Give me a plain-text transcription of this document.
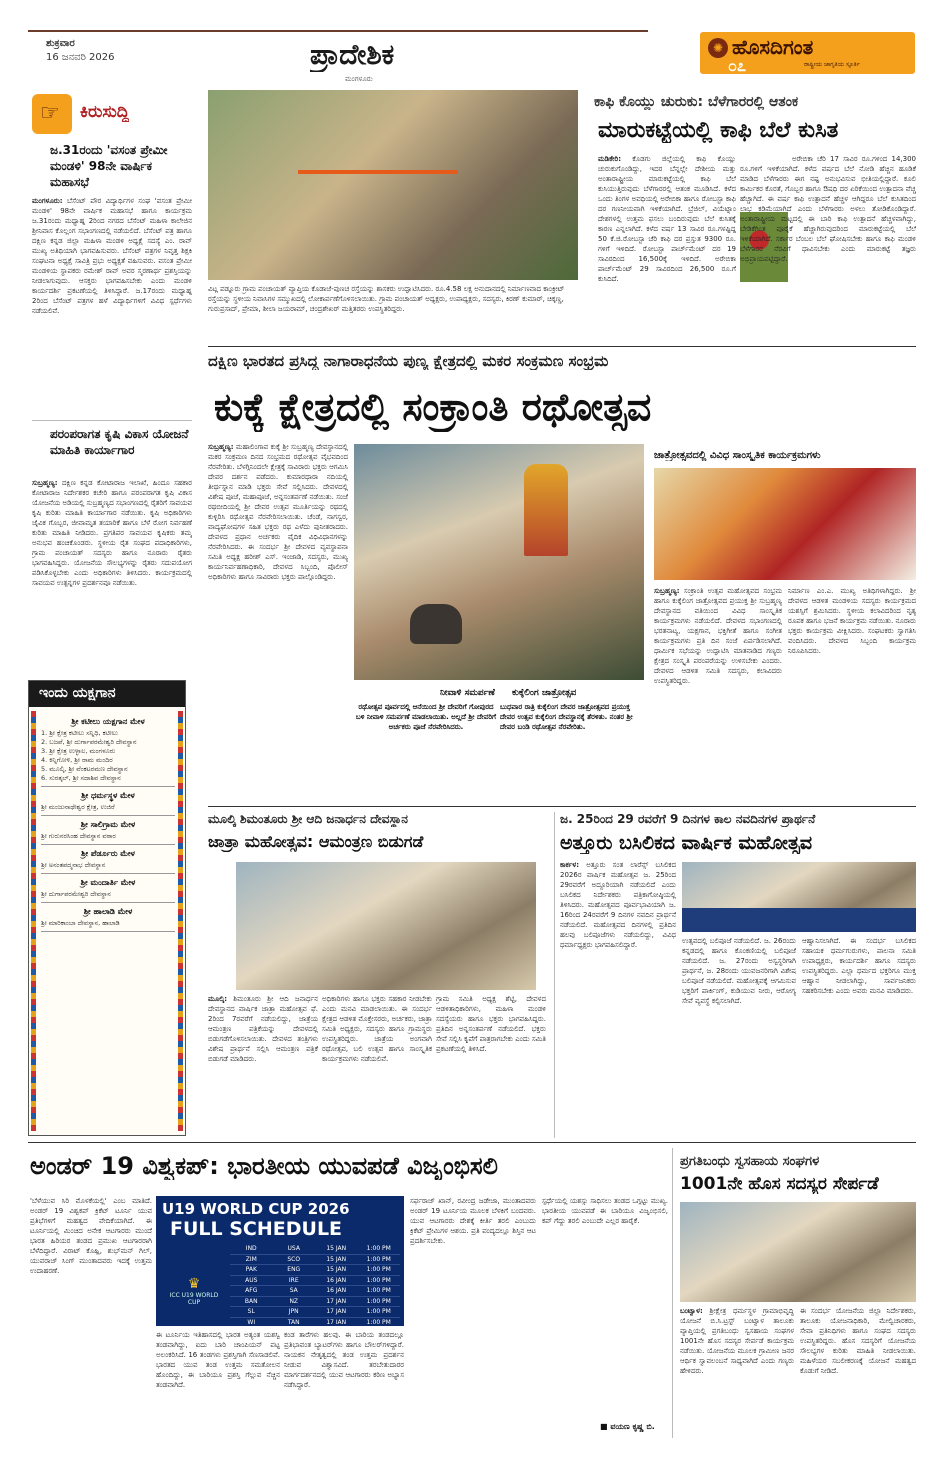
ಶುಕ್ರವಾರ
16 ಜನವರಿ 2026	ಪ್ರಾದೇಶಿಕ
ಮಂಗಳೂರು
✺ ಹೊಸದಿಗಂತ
ರಾಷ್ಟ್ರೀಯ ಜಾಗೃತಿಯ ಸ್ಪೂರ್ತಿ
೦೭
☞ ಕಿರುಸುದ್ದಿ
ಜ.31ರಂದು 'ವಸಂತ ಪ್ರೇಮೀ ಮಂಡಳಿ' 98ನೇ ವಾರ್ಷಿಕ ಮಹಾಸಭೆ
ಮಂಗಳೂರು: ಬೆಸೆಂಟ್ ಪೌರ ವಿದ್ಯಾರ್ಥಿಗಳ ಸಂಘ 'ವಸಂತ ಪ್ರೇಮೀ ಮಂಡಳಿ' 98ನೇ ವಾರ್ಷಿಕ ಮಹಾಸಭೆ ಹಾಗೂ ಕಾರ್ಯಕ್ರಮ ಜ.31ರಂದು ಮಧ್ಯಾಹ್ನ 2ರಿಂದ ನಗರದ ಬೆಸೆಂಟ್ ಮಹಿಳಾ ಕಾಲೇಜಿನ ಶ್ರೀನಿವಾಸ ಕೊಲ್ಲಂಗ ಸಭಾಂಗಣದಲ್ಲಿ ನಡೆಯಲಿದೆ. ಬೆಸೆಂಟ್ ಪತ್ರ ಹಾಗೂ ದಕ್ಷಿಣ ಕನ್ನಡ ಜಿಲ್ಲಾ ಮಹಿಳಾ ಮಂಡಳಿ ಅಧ್ಯಕ್ಷೆ ಸದಸ್ಯೆ ಎಂ. ರಾವ್ ಮುಖ್ಯ ಅತಿಥಿಯಾಗಿ ಭಾಗವಹಿಸುವರು. ಬೆಸೆಂಟ್ ಪತ್ರಗಳ ನಿವೃತ್ತ ಶಿಕ್ಷಕಿ ಸಂಘಟನಾ ಅಧ್ಯಕ್ಷೆ ಸಾವಿತ್ರಿ ಪ್ರಭು ಅಧ್ಯಕ್ಷತೆ ವಹಿಸುವರು. ವಸಂತ ಪ್ರೇಮೀ ಮಂಡಳಿಯ ಸ್ಥಾಪಕರು ರಮೇಶ್ ರಾವ್ ಅವರ ಸ್ಮರಣಾರ್ಥ ಪ್ರಶಸ್ತಿಯನ್ನು ನೀಡಲಾಗುವುದು. ಆಸಕ್ತರು ಭಾಗವಹಿಸಬೇಕು ಎಂದು ಮಂಡಳಿ ಕಾರ್ಯದರ್ಶಿ ಪ್ರಕಟಣೆಯಲ್ಲಿ ತಿಳಿಸಿದ್ದಾರೆ. ಜ.17ರಂದು ಮಧ್ಯಾಹ್ನ 2ರಿಂದ ಬೆಸೆಂಟ್ ಪತ್ರಗಳ ಹಳೆ ವಿದ್ಯಾರ್ಥಿಗಳಿಗೆ ವಿವಿಧ ಸ್ಪರ್ಧೆಗಳು ನಡೆಯಲಿವೆ.
ಪರಂಪರಾಗತ ಕೃಷಿ ವಿಕಾಸ ಯೋಜನೆ ಮಾಹಿತಿ ಕಾರ್ಯಾಗಾರ
ಸುಬ್ರಹ್ಮಣ್ಯ: ದಕ್ಷಿಣ ಕನ್ನಡ ಕೋಟಾರಾಜ ಇಲಾಖೆ, ಹಿಂದೂ ಸಹಕಾರ ಕೋಟಾರಾಜ ನಿರ್ದೇಶಕರ ಕಚೇರಿ ಹಾಗೂ ಪರಂಪರಾಗತ ಕೃಷಿ ವಿಕಾಸ ಯೋಜನೆಯ ಅಡಿಯಲ್ಲಿ ಸುಬ್ರಹ್ಮಣ್ಯದ ಸಭಾಂಗಣದಲ್ಲಿ ರೈತರಿಗೆ ಸಾವಯವ ಕೃಷಿ ಕುರಿತು ಮಾಹಿತಿ ಕಾರ್ಯಾಗಾರ ನಡೆಯಿತು. ಕೃಷಿ ಅಧಿಕಾರಿಗಳು ಜೈವಿಕ ಗೊಬ್ಬರ, ಜೀವಾಮೃತ ತಯಾರಿಕೆ ಹಾಗೂ ಬೆಳೆ ರೋಗ ನಿರ್ವಹಣೆ ಕುರಿತು ಮಾಹಿತಿ ನೀಡಿದರು. ಪ್ರಗತಿಪರ ಸಾವಯವ ಕೃಷಿಕರು ತಮ್ಮ ಅನುಭವ ಹಂಚಿಕೊಂಡರು. ಸ್ಥಳೀಯ ರೈತ ಸಂಘದ ಪದಾಧಿಕಾರಿಗಳು, ಗ್ರಾಮ ಪಂಚಾಯತ್ ಸದಸ್ಯರು ಹಾಗೂ ನೂರಾರು ರೈತರು ಭಾಗವಹಿಸಿದ್ದರು. ಯೋಜನೆಯ ಸೌಲಭ್ಯಗಳನ್ನು ರೈತರು ಸದುಪಯೋಗ ಪಡಿಸಿಕೊಳ್ಳಬೇಕು ಎಂದು ಅಧಿಕಾರಿಗಳು ತಿಳಿಸಿದರು. ಕಾರ್ಯಕ್ರಮದಲ್ಲಿ ಸಾವಯವ ಉತ್ಪನ್ನಗಳ ಪ್ರದರ್ಶನವೂ ನಡೆಯಿತು.
ಇಂದು ಯಕ್ಷಗಾನ
ಶ್ರೀ ಕಟೀಲು ಯಕ್ಷಗಾನ ಮೇಳ
1. ಶ್ರೀ ಕ್ಷೇತ್ರ ಕಟೀಲು ಸನ್ನಿಧಿ, ಕಟೀಲು
2. ಬಜಪೆ, ಶ್ರೀ ದುರ್ಗಾಪರಮೇಶ್ವರಿ ದೇವಸ್ಥಾನ
3. ಶ್ರೀ ಕ್ಷೇತ್ರ ಉಳ್ಳಾಲ, ಮಂಗಳೂರು
4. ಕಿನ್ನಿಗೋಳಿ, ಶ್ರೀ ರಾಮ ಮಂದಿರ
5. ಮೂಲ್ಕಿ, ಶ್ರೀ ವೆಂಕಟರಮಣ ದೇವಸ್ಥಾನ
6. ಸುರತ್ಕಲ್, ಶ್ರೀ ಸದಾಶಿವ ದೇವಸ್ಥಾನ
ಶ್ರೀ ಧರ್ಮಸ್ಥಳ ಮೇಳ
ಶ್ರೀ ಮಂಜುನಾಥೇಶ್ವರ ಕ್ಷೇತ್ರ, ಉಜಿರೆ
ಶ್ರೀ ಸಾಲಿಗ್ರಾಮ ಮೇಳ
ಶ್ರೀ ಗುರುನರಸಿಂಹ ದೇವಸ್ಥಾನ ವಠಾರ
ಶ್ರೀ ಪೆರ್ಡೂರು ಮೇಳ
ಶ್ರೀ ಅನಂತಪದ್ಮನಾಭ ದೇವಸ್ಥಾನ
ಶ್ರೀ ಮಂದಾರ್ತಿ ಮೇಳ
ಶ್ರೀ ದುರ್ಗಾಪರಮೇಶ್ವರಿ ದೇವಸ್ಥಾನ
ಶ್ರೀ ಹಾಲಾಡಿ ಮೇಳ
ಶ್ರೀ ಮಾರಿಕಾಂಬಾ ದೇವಸ್ಥಾನ, ಹಾಲಾಡಿ
ವಿಟ್ಲ ಪಡ್ನೂರು ಗ್ರಾಮ ಪಂಚಾಯತ್ ವ್ಯಾಪ್ತಿಯ ಕೊಡಾಜೆ-ಪುಣಚ ರಸ್ತೆಯನ್ನು ಶಾಸಕರು ಉದ್ಘಾಟಿಸಿದರು. ರೂ.4.58 ಲಕ್ಷ ಅನುದಾನದಲ್ಲಿ ನಿರ್ಮಾಣವಾದ ಕಾಂಕ್ರೀಟ್ ರಸ್ತೆಯನ್ನು ಸ್ಥಳೀಯ ನಿವಾಸಿಗಳ ಸಮ್ಮುಖದಲ್ಲಿ ಲೋಕಾರ್ಪಣೆಗೊಳಿಸಲಾಯಿತು. ಗ್ರಾಮ ಪಂಚಾಯತ್ ಅಧ್ಯಕ್ಷರು, ಉಪಾಧ್ಯಕ್ಷರು, ಸದಸ್ಯರು, ಕಿರಣ್ ಕುಮಾರ್, ಚಿಕ್ಕಣ್ಣ, ಗುರುಪ್ರಸಾದ್, ಪ್ರೇಮಾ, ಶೀಲಾ ಜಯರಾಮ್, ಚಂದ್ರಶೇಖರ್ ಮತ್ತಿತರರು ಉಪಸ್ಥಿತರಿದ್ದರು.
ಕಾಫಿ ಕೊಯ್ಲು ಚುರುಕು: ಬೆಳೆಗಾರರಲ್ಲಿ ಆತಂಕ
ಮಾರುಕಟ್ಟೆಯಲ್ಲಿ ಕಾಫಿ ಬೆಲೆ ಕುಸಿತ
ಮಡಿಕೇರಿ: ಕೊಡಗು ಜಿಲ್ಲೆಯಲ್ಲಿ ಕಾಫಿ ಕೊಯ್ಲು ಚುರುಕುಗೊಂಡಿದ್ದು, ಇದರ ಬೆನ್ನಲ್ಲೇ ದೇಶೀಯ ಮತ್ತು ಅಂತಾರಾಷ್ಟ್ರೀಯ ಮಾರುಕಟ್ಟೆಯಲ್ಲಿ ಕಾಫಿ ಬೆಲೆ ಕುಸಿಯುತ್ತಿರುವುದು ಬೆಳೆಗಾರರಲ್ಲಿ ಆತಂಕ ಮೂಡಿಸಿದೆ. ಕಳೆದ ಒಂದು ತಿಂಗಳ ಅವಧಿಯಲ್ಲಿ ಅರೇಬಿಕಾ ಹಾಗೂ ರೋಬಸ್ಟಾ ಕಾಫಿ ದರ ಗಣನೀಯವಾಗಿ ಇಳಿಕೆಯಾಗಿದೆ. ಬ್ರೆಜಿಲ್, ವಿಯೆಟ್ನಾಂ ದೇಶಗಳಲ್ಲಿ ಉತ್ತಮ ಫಸಲು ಬಂದಿರುವುದು ಬೆಲೆ ಕುಸಿತಕ್ಕೆ ಕಾರಣ ಎನ್ನಲಾಗಿದೆ. ಕಳೆದ ವರ್ಷ 13 ಸಾವಿರ ರೂ.ಗಳಷ್ಟಿದ್ದ 50 ಕೆ.ಜಿ.ರೋಬಸ್ಟಾ ಚೆರಿ ಕಾಫಿ ದರ ಪ್ರಸ್ತುತ 9300 ರೂ. ಗಳಿಗೆ ಇಳಿದಿದೆ. ರೋಬಸ್ಟಾ ಪಾರ್ಚ್‌ಮೆಂಟ್ ದರ 19 ಸಾವಿರದಿಂದ 16,500ಕ್ಕೆ ಇಳಿದಿದೆ. ಅರೇಬಿಕಾ ಪಾರ್ಚ್‌ಮೆಂಟ್ 29 ಸಾವಿರದಿಂದ 26,500 ರೂ.ಗೆ ಕುಸಿದಿದೆ.
ಅರೇಬಿಕಾ ಚೆರಿ 17 ಸಾವಿರ ರೂ.ಗಳಿಂದ 14,300 ರೂ.ಗಳಿಗೆ ಇಳಿಕೆಯಾಗಿದೆ. ಕಳೆದ ವರ್ಷದ ಬೆಲೆ ನೋಡಿ ಹೆಚ್ಚಿನ ಹೂಡಿಕೆ ಮಾಡಿದ ಬೆಳೆಗಾರರು ಈಗ ನಷ್ಟ ಅನುಭವಿಸುವ ಭೀತಿಯಲ್ಲಿದ್ದಾರೆ. ಕೂಲಿ ಕಾರ್ಮಿಕರ ಕೊರತೆ, ಗೊಬ್ಬರ ಹಾಗೂ ಔಷಧಿ ದರ ಏರಿಕೆಯಿಂದ ಉತ್ಪಾದನಾ ವೆಚ್ಚ ಹೆಚ್ಚಾಗಿದೆ. ಈ ವರ್ಷ ಕಾಫಿ ಉತ್ಪಾದನೆ ಹೆಚ್ಚಳ ಆಗಿದ್ದರೂ ಬೆಲೆ ಕುಸಿತದಿಂದ ಲಾಭ ಕಡಿಮೆಯಾಗಿದೆ ಎಂದು ಬೆಳೆಗಾರರು ಅಳಲು ತೋಡಿಕೊಂಡಿದ್ದಾರೆ. ಅಂತಾರಾಷ್ಟ್ರೀಯ ಮಟ್ಟದಲ್ಲಿ ಈ ಬಾರಿ ಕಾಫಿ ಉತ್ಪಾದನೆ ಹೆಚ್ಚಳವಾಗಿದ್ದು, ಬೇಡಿಕೆಗಿಂತ ಪೂರೈಕೆ ಹೆಚ್ಚಾಗಿರುವುದರಿಂದ ಮಾರುಕಟ್ಟೆಯಲ್ಲಿ ಬೆಲೆ ಇಳಿಕೆಯಾಗಿದೆ. ಸರ್ಕಾರ ಬೆಂಬಲ ಬೆಲೆ ಘೋಷಿಸಬೇಕು ಹಾಗೂ ಕಾಫಿ ಮಂಡಳಿ ಬೆಳೆಗಾರರ ನೆರವಿಗೆ ಧಾವಿಸಬೇಕು ಎಂದು ಮಾರುಕಟ್ಟೆ ತಜ್ಞರು ಅಭಿಪ್ರಾಯಪಟ್ಟಿದ್ದಾರೆ.
ದಕ್ಷಿಣ ಭಾರತದ ಪ್ರಸಿದ್ಧ ನಾಗಾರಾಧನೆಯ ಪುಣ್ಯ ಕ್ಷೇತ್ರದಲ್ಲಿ ಮಕರ ಸಂಕ್ರಮಣ ಸಂಭ್ರಮ
ಕುಕ್ಕೆ ಕ್ಷೇತ್ರದಲ್ಲಿ ಸಂಕ್ರಾಂತಿ ರಥೋತ್ಸವ
ಸುಬ್ರಹ್ಮಣ್ಯ: ಮಹಾಲಿಂಗಾವ ಕುಕ್ಕೆ ಶ್ರೀ ಸುಬ್ರಹ್ಮಣ್ಯ ದೇವಸ್ಥಾನದಲ್ಲಿ ಮಕರ ಸಂಕ್ರಮಣ ದಿನದ ಸಂಭ್ರಮದ ರಥೋತ್ಸವ ವೈಭವದಿಂದ ನೆರವೇರಿತು. ಬೆಳಗ್ಗಿನಿಂದಲೇ ಕ್ಷೇತ್ರಕ್ಕೆ ಸಾವಿರಾರು ಭಕ್ತರು ಆಗಮಿಸಿ ದೇವರ ದರ್ಶನ ಪಡೆದರು. ಕುಮಾರಧಾರಾ ನದಿಯಲ್ಲಿ ತೀರ್ಥಸ್ನಾನ ಮಾಡಿ ಭಕ್ತರು ಸೇವೆ ಸಲ್ಲಿಸಿದರು. ದೇವಳದಲ್ಲಿ ವಿಶೇಷ ಪೂಜೆ, ಮಹಾಪೂಜೆ, ಅನ್ನಸಂತರ್ಪಣೆ ನಡೆಯಿತು. ಸಂಜೆ ರಥಬೀದಿಯಲ್ಲಿ ಶ್ರೀ ದೇವರ ಉತ್ಸವ ಮೂರ್ತಿಯನ್ನು ರಥದಲ್ಲಿ ಕುಳ್ಳಿರಿಸಿ ರಥೋತ್ಸವ ನೆರವೇರಿಸಲಾಯಿತು. ಚೆಂಡೆ, ನಾಗಸ್ವರ, ವಾದ್ಯಘೋಷಗಳ ಸಹಿತ ಭಕ್ತರು ರಥ ಎಳೆದು ಪುನೀತರಾದರು. ದೇವಳದ ಪ್ರಧಾನ ಅರ್ಚಕರು ವೈದಿಕ ವಿಧಿವಿಧಾನಗಳನ್ನು ನೆರವೇರಿಸಿದರು. ಈ ಸಂದರ್ಭ ಶ್ರೀ ದೇವಳದ ವ್ಯವಸ್ಥಾಪನಾ ಸಮಿತಿ ಅಧ್ಯಕ್ಷ ಹರೀಶ್ ಎಸ್. ಇಂಜಾಡಿ, ಸದಸ್ಯರು, ಮುಖ್ಯ ಕಾರ್ಯನಿರ್ವಹಣಾಧಿಕಾರಿ, ದೇವಳದ ಸಿಬ್ಬಂದಿ, ಪೊಲೀಸ್ ಅಧಿಕಾರಿಗಳು ಹಾಗೂ ಸಾವಿರಾರು ಭಕ್ತರು ಪಾಲ್ಗೊಂಡಿದ್ದರು.
ನೀವಾಳಿ ಸಮರ್ಪಣೆ
ರಥೋತ್ಸವ ಪೂರ್ವದಲ್ಲಿ ಆನೆಯಿಂದ ಶ್ರೀ ದೇವರಿಗೆ ಗೋಪುರದ ಬಳಿ ನೀವಾಳಿ ಸಮರ್ಪಣೆ ಮಾಡಲಾಯಿತು. ಅಲ್ಲದೆ ಶ್ರೀ ದೇವರಿಗೆ ಅರ್ಚಕರು ಪೂಜೆ ನೆರವೇರಿಸಿದರು.
ಕುಕ್ಕೆಲಿಂಗ ಜಾತ್ರೋತ್ಸವ
ಬುಧವಾರ ರಾತ್ರಿ ಕುಕ್ಕೆಲಿಂಗ ದೇವರ ಜಾತ್ರೋತ್ಸವದ ಪ್ರಯುಕ್ತ ದೇವರ ಉತ್ಸವ ಕುಕ್ಕೆಲಿಂಗ ದೇವಸ್ಥಾನಕ್ಕೆ ತೆರಳಿತು. ನಂತರ ಶ್ರೀ ದೇವರ ಬಂಡಿ ರಥೋತ್ಸವ ನೆರವೇರಿತು.
ಜಾತ್ರೋತ್ಸವದಲ್ಲಿ ವಿವಿಧ ಸಾಂಸ್ಕೃತಿಕ ಕಾರ್ಯಕ್ರಮಗಳು
ಸುಬ್ರಹ್ಮಣ್ಯ: ಸಂಕ್ರಾಂತಿ ಉತ್ಸವ ಮಹೋತ್ಸವದ ಸಂಭ್ರಮ ಹಾಗೂ ಕುಕ್ಕೆಲಿಂಗ ಜಾತ್ರೋತ್ಸವದ ಪ್ರಯುಕ್ತ ಶ್ರೀ ಸುಬ್ರಹ್ಮಣ್ಯ ದೇವಸ್ಥಾನದ ವತಿಯಿಂದ ವಿವಿಧ ಸಾಂಸ್ಕೃತಿಕ ಕಾರ್ಯಕ್ರಮಗಳು ನಡೆಯಲಿದೆ. ದೇವಳದ ಸಭಾಂಗಣದಲ್ಲಿ ಭರತನಾಟ್ಯ, ಯಕ್ಷಗಾನ, ಭಕ್ತಿಗೀತೆ ಹಾಗೂ ಸಂಗೀತ ಕಾರ್ಯಕ್ರಮಗಳು ಪ್ರತಿ ದಿನ ಸಂಜೆ ಏರ್ಪಡಿಸಲಾಗಿದೆ. ಧಾರ್ಮಿಕ ಸಭೆಯನ್ನು ಉದ್ಘಾಟಿಸಿ ಮಾತನಾಡಿದ ಗಣ್ಯರು ಕ್ಷೇತ್ರದ ಸಂಸ್ಕೃತಿ ಪರಂಪರೆಯನ್ನು ಉಳಿಸಬೇಕು ಎಂದರು. ದೇವಳದ ಆಡಳಿತ ಸಮಿತಿ ಸದಸ್ಯರು, ಕಲಾವಿದರು ಉಪಸ್ಥಿತರಿದ್ದರು.
ನಿರ್ಮಾಣ ಎಂ.ಎ. ಮುಖ್ಯ ಅತಿಥಿಗಳಾಗಿದ್ದರು. ಶ್ರೀ ದೇವಳದ ಆಡಳಿತ ಮಂಡಳಿಯ ಸದಸ್ಯರು ಕಾರ್ಯಕ್ರಮದ ಯಶಸ್ಸಿಗೆ ಶ್ರಮಿಸಿದರು. ಸ್ಥಳೀಯ ಕಲಾವಿದರಿಂದ ನೃತ್ಯ ರೂಪಕ ಹಾಗೂ ಭಜನೆ ಕಾರ್ಯಕ್ರಮ ನಡೆಯಿತು. ನೂರಾರು ಭಕ್ತರು ಕಾರ್ಯಕ್ರಮ ವೀಕ್ಷಿಸಿದರು. ಸಂಘಟಕರು ಸ್ವಾಗತಿಸಿ ವಂದಿಸಿದರು. ದೇವಳದ ಸಿಬ್ಬಂದಿ ಕಾರ್ಯಕ್ರಮ ನಿರೂಪಿಸಿದರು.
ಮೂಲ್ಕಿ ಶಿಮಂತೂರು ಶ್ರೀ ಆದಿ ಜನಾರ್ಧನ ದೇವಸ್ಥಾನ
ಜಾತ್ರಾ ಮಹೋತ್ಸವ: ಆಮಂತ್ರಣ ಬಿಡುಗಡೆ
ಮೂಲ್ಕಿ: ಶಿಮಂತೂರು ಶ್ರೀ ಆದಿ ಜನಾರ್ಧನ ದೇವಸ್ಥಾನದ ವಾರ್ಷಿಕ ಜಾತ್ರಾ ಮಹೋತ್ಸವ ಫೆ. 2ರಿಂದ 7ರವರೆಗೆ ನಡೆಯಲಿದ್ದು, ಜಾತ್ರೆಯ ಆಮಂತ್ರಣ ಪತ್ರಿಕೆಯನ್ನು ದೇವಳದಲ್ಲಿ ಬಿಡುಗಡೆಗೊಳಿಸಲಾಯಿತು. ದೇವಳದ ತಂತ್ರಿಗಳು ವಿಶೇಷ ಪ್ರಾರ್ಥನೆ ಸಲ್ಲಿಸಿ ಆಮಂತ್ರಣ ಪತ್ರಿಕೆ ಬಿಡುಗಡೆ ಮಾಡಿದರು.
ಅಧಿಕಾರಿಗಳು ಹಾಗೂ ಭಕ್ತರು ಸಹಕಾರ ನೀಡಬೇಕು ಎಂದು ಮನವಿ ಮಾಡಲಾಯಿತು. ಈ ಸಂದರ್ಭ ಕ್ಷೇತ್ರದ ಆಡಳಿತ ಮೊಕ್ತೇಸರರು, ಅರ್ಚಕರು, ಜಾತ್ರಾ ಸಮಿತಿ ಅಧ್ಯಕ್ಷರು, ಸದಸ್ಯರು ಹಾಗೂ ಗ್ರಾಮಸ್ಥರು ಉಪಸ್ಥಿತರಿದ್ದರು. ಜಾತ್ರೆಯ ಅಂಗವಾಗಿ ರಥೋತ್ಸವ, ಬಲಿ ಉತ್ಸವ ಹಾಗೂ ಸಾಂಸ್ಕೃತಿಕ ಕಾರ್ಯಕ್ರಮಗಳು ನಡೆಯಲಿವೆ.
ಗ್ರಾಮ ಸಮಿತಿ ಅಧ್ಯಕ್ಷ ಶೆಟ್ಟಿ, ದೇವಳದ ಆಡಳಿತಾಧಿಕಾರಿಗಳು, ಮಹಿಳಾ ಮಂಡಳಿ ಸದಸ್ಯೆಯರು ಹಾಗೂ ಭಕ್ತರು ಭಾಗವಹಿಸಿದ್ದರು. ಪ್ರತಿದಿನ ಅನ್ನಸಂತರ್ಪಣೆ ನಡೆಯಲಿದೆ. ಭಕ್ತರು ಸೇವೆ ಸಲ್ಲಿಸಿ ಕೃಪೆಗೆ ಪಾತ್ರರಾಗಬೇಕು ಎಂದು ಸಮಿತಿ ಪ್ರಕಟಣೆಯಲ್ಲಿ ತಿಳಿಸಿದೆ.
ಜ. 25ರಿಂದ 29 ರವರೆಗೆ 9 ದಿನಗಳ ಕಾಲ ನವದಿನಗಳ ಪ್ರಾರ್ಥನೆ
ಅತ್ತೂರು ಬಸಿಲಿಕದ ವಾರ್ಷಿಕ ಮಹೋತ್ಸವ
ಕಾರ್ಕಳ: ಅತ್ತೂರು ಸಂತ ಲಾರೆನ್ಸ್ ಬಸಿಲಿಕದ 2026ರ ವಾರ್ಷಿಕ ಮಹೋತ್ಸವ ಜ. 25ರಿಂದ 29ರವರೆಗೆ ಅದ್ದೂರಿಯಾಗಿ ನಡೆಯಲಿದೆ ಎಂದು ಬಸಿಲಿಕದ ನಿರ್ದೇಶಕರು ಪತ್ರಿಕಾಗೋಷ್ಠಿಯಲ್ಲಿ ತಿಳಿಸಿದರು. ಮಹೋತ್ಸವದ ಪೂರ್ವಭಾವಿಯಾಗಿ ಜ. 16ರಿಂದ 24ರವರೆಗೆ 9 ದಿನಗಳ ನವದಿನ ಪ್ರಾರ್ಥನೆ ನಡೆಯಲಿದೆ. ಮಹೋತ್ಸವದ ದಿನಗಳಲ್ಲಿ ಪ್ರತಿದಿನ ಹಲವು ಬಲಿಪೂಜೆಗಳು ನಡೆಯಲಿದ್ದು, ವಿವಿಧ ಧರ್ಮಾಧ್ಯಕ್ಷರು ಭಾಗವಹಿಸಲಿದ್ದಾರೆ.	ಉತ್ಸವದಲ್ಲಿ ಬಲಿಪೂಜೆ ನಡೆಯಲಿದೆ. ಜ. 26ರಂದು ಕನ್ನಡದಲ್ಲಿ ಹಾಗೂ ಕೊಂಕಣಿಯಲ್ಲಿ ಬಲಿಪೂಜೆ ನಡೆಯಲಿದೆ. ಜ. 27ರಂದು ಅಸ್ವಸ್ಥರಿಗಾಗಿ ಪ್ರಾರ್ಥನೆ, ಜ. 28ರಂದು ಯುವಜನರಿಗಾಗಿ ವಿಶೇಷ ಬಲಿಪೂಜೆ ನಡೆಯಲಿದೆ. ಮಹೋತ್ಸವಕ್ಕೆ ಆಗಮಿಸುವ ಭಕ್ತರಿಗೆ ಪಾರ್ಕಿಂಗ್, ಕುಡಿಯುವ ನೀರು, ಆರೋಗ್ಯ ಸೇವೆ ವ್ಯವಸ್ಥೆ ಕಲ್ಪಿಸಲಾಗಿದೆ.
ಆಹ್ವಾನಿಸಲಾಗಿದೆ. ಈ ಸಂದರ್ಭ ಬಸಿಲಿಕದ ಸಹಾಯಕ ಧರ್ಮಗುರುಗಳು, ಪಾಲನಾ ಸಮಿತಿ ಉಪಾಧ್ಯಕ್ಷರು, ಕಾರ್ಯದರ್ಶಿ ಹಾಗೂ ಸದಸ್ಯರು ಉಪಸ್ಥಿತರಿದ್ದರು. ಎಲ್ಲಾ ಧರ್ಮದ ಭಕ್ತರಿಗೂ ಮುಕ್ತ ಆಹ್ವಾನ ನೀಡಲಾಗಿದ್ದು, ಸಾರ್ವಜನಿಕರು ಸಹಕರಿಸಬೇಕು ಎಂದು ಅವರು ಮನವಿ ಮಾಡಿದರು.
ಅಂಡರ್ 19 ವಿಶ್ವಕಪ್: ಭಾರತೀಯ ಯುವಪಡೆ ವಿಜೃಂಭಿಸಲಿ
U19 WORLD CUP 2026
FULL SCHEDULE
♛
ICC U19 WORLD CUP
IND	USA	15 JAN	1:00 PM
ZIM	SCO	15 JAN	1:00 PM
PAK	ENG	15 JAN	1:00 PM
AUS	IRE	16 JAN	1:00 PM
AFG	SA	16 JAN	1:00 PM
BAN	NZ	17 JAN	1:00 PM
SL	JPN	17 JAN	1:00 PM
WI	TAN	17 JAN	1:00 PM
'ಬೆಳೆಯುವ ಸಿರಿ ಮೊಳಕೆಯಲ್ಲಿ' ಎಂಬ ಮಾತಿದೆ. ಅಂಡರ್ 19 ವಿಶ್ವಕಪ್ ಕ್ರಿಕೆಟ್ ಟೂರ್ನಿ ಯುವ ಪ್ರತಿಭೆಗಳಿಗೆ ಮಹತ್ವದ ವೇದಿಕೆಯಾಗಿದೆ. ಈ ಟೂರ್ನಿಯಲ್ಲಿ ಮಿಂಚಿದ ಅನೇಕ ಆಟಗಾರರು ಮುಂದೆ ಭಾರತ ಹಿರಿಯರ ತಂಡದ ಪ್ರಮುಖ ಆಟಗಾರರಾಗಿ ಬೆಳೆದಿದ್ದಾರೆ. ವಿರಾಟ್ ಕೊಹ್ಲಿ, ಶುಭ್‌ಮನ್ ಗಿಲ್, ಯುವರಾಜ್ ಸಿಂಗ್ ಮುಂತಾದವರು ಇದಕ್ಕೆ ಉತ್ತಮ ಉದಾಹರಣೆ.
ಈ ಟೂರ್ನಿಯ ಇತಿಹಾಸದಲ್ಲಿ ಭಾರತ ಅತ್ಯಂತ ಯಶಸ್ವಿ ತಂಡವಾಗಿದ್ದು, ಐದು ಬಾರಿ ಚಾಂಪಿಯನ್ ಪಟ್ಟ ಅಲಂಕರಿಸಿದೆ. 16 ತಂಡಗಳು ಪ್ರಶಸ್ತಿಗಾಗಿ ಸೆಣಸಾಡಲಿವೆ. ಭಾರತದ ಯುವ ತಂಡ ಉತ್ತಮ ಸಮತೋಲನ ಹೊಂದಿದ್ದು, ಈ ಬಾರಿಯೂ ಪ್ರಶಸ್ತಿ ಗೆಲ್ಲುವ ನೆಚ್ಚಿನ ತಂಡವಾಗಿದೆ.
ಕಂಡ ತಾರೆಗಳು ಹಲವು. ಈ ಬಾರಿಯ ತಂಡದಲ್ಲೂ ಪ್ರತಿಭಾವಂತ ಬ್ಯಾಟರ್‌ಗಳು ಹಾಗೂ ಬೌಲರ್‌ಗಳಿದ್ದಾರೆ. ನಾಯಕನ ನೇತೃತ್ವದಲ್ಲಿ ತಂಡ ಉತ್ತಮ ಪ್ರದರ್ಶನ ನೀಡುವ ವಿಶ್ವಾಸವಿದೆ. ತರಬೇತುದಾರರ ಮಾರ್ಗದರ್ಶನದಲ್ಲಿ ಯುವ ಆಟಗಾರರು ಕಠಿಣ ಅಭ್ಯಾಸ ನಡೆಸಿದ್ದಾರೆ.
ಸರ್ಫರಾಜ್ ಖಾನ್, ರವೀಂದ್ರ ಜಡೇಜಾ, ಮುಂತಾದವರು ಅಂಡರ್ 19 ಟೂರ್ನಿಯ ಮೂಲಕ ಬೆಳಕಿಗೆ ಬಂದವರು. ಯುವ ಆಟಗಾರರು ದೇಶಕ್ಕೆ ಕೀರ್ತಿ ತರಲಿ ಎಂಬುದು ಕ್ರಿಕೆಟ್ ಪ್ರೇಮಿಗಳ ಆಶಯ. ಪ್ರತಿ ಪಂದ್ಯದಲ್ಲೂ ಶಿಸ್ತಿನ ಆಟ ಪ್ರದರ್ಶಿಸಬೇಕು.
ಸ್ಪರ್ಧೆಯಲ್ಲಿ ಯಶಸ್ಸು ಸಾಧಿಸಲು ತಂಡದ ಒಗ್ಗಟ್ಟು ಮುಖ್ಯ. ಭಾರತೀಯ ಯುವಪಡೆ ಈ ಬಾರಿಯೂ ವಿಜೃಂಭಿಸಲಿ, ಕಪ್ ಗೆದ್ದು ತರಲಿ ಎಂಬುದೇ ಎಲ್ಲರ ಹಾರೈಕೆ.
■ ವಯಣ ಕೃಷ್ಣ ಬಿ.
ಪ್ರಗತಿಬಂಧು ಸ್ವಸಹಾಯ ಸಂಘಗಳ
1001ನೇ ಹೊಸ ಸದಸ್ಯರ ಸೇರ್ಪಡೆ
ಬಂಟ್ವಾಳ: ಶ್ರೀಕ್ಷೇತ್ರ ಧರ್ಮಸ್ಥಳ ಗ್ರಾಮಾಭಿವೃದ್ಧಿ ಯೋಜನೆ ಬಿ.ಸಿ.ಟ್ರಸ್ಟ್ ಬಂಟ್ವಾಳ ತಾಲೂಕು ವ್ಯಾಪ್ತಿಯಲ್ಲಿ ಪ್ರಗತಿಬಂಧು ಸ್ವಸಹಾಯ ಸಂಘಗಳ 1001ನೇ ಹೊಸ ಸದಸ್ಯರ ಸೇರ್ಪಡೆ ಕಾರ್ಯಕ್ರಮ ನಡೆಯಿತು. ಯೋಜನೆಯ ಮೂಲಕ ಗ್ರಾಮೀಣ ಜನರ ಆರ್ಥಿಕ ಸ್ವಾವಲಂಬನೆ ಸಾಧ್ಯವಾಗಿದೆ ಎಂದು ಗಣ್ಯರು ಹೇಳಿದರು.
ಈ ಸಂದರ್ಭ ಯೋಜನೆಯ ಜಿಲ್ಲಾ ನಿರ್ದೇಶಕರು, ತಾಲೂಕು ಯೋಜನಾಧಿಕಾರಿ, ಮೇಲ್ವಿಚಾರಕರು, ಸೇವಾ ಪ್ರತಿನಿಧಿಗಳು ಹಾಗೂ ಸಂಘದ ಸದಸ್ಯರು ಉಪಸ್ಥಿತರಿದ್ದರು. ಹೊಸ ಸದಸ್ಯರಿಗೆ ಯೋಜನೆಯ ಸೌಲಭ್ಯಗಳ ಕುರಿತು ಮಾಹಿತಿ ನೀಡಲಾಯಿತು. ಮಹಿಳೆಯರ ಸಬಲೀಕರಣಕ್ಕೆ ಯೋಜನೆ ಮಹತ್ವದ ಕೊಡುಗೆ ನೀಡಿದೆ.
